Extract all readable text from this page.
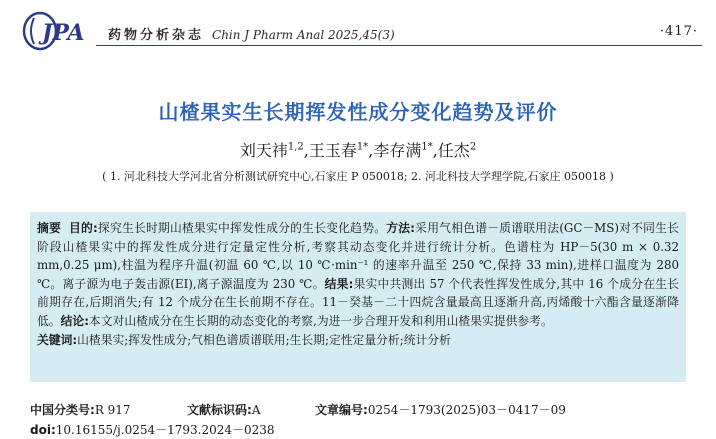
JPA 药物分析杂志 Chin J Pharm Anal 2025,45(3)	·417·
山楂果实生长期挥发性成分变化趋势及评价
刘天祎$^{1,2}$,王玉春$^{1*}$,李存满$^{1*}$,任杰$^2$
( 1. 河北科技大学河北省分析测试研究中心,石家庄 P 050018; 2. 河北科技大学理学院,石家庄 050018 )
摘要 目的:探究生长时期山楂果实中挥发性成分的生长变化趋势。方法:采用气相色谱－质谱联用法(GC－MS)对不同生长阶段山楂果实中的挥发性成分进行定量定性分析,考察其动态变化并进行统计分析。色谱柱为 HP－5(30 m × 0.32 mm,0.25 μm),柱温为程序升温(初温 60 ℃,以 10 ℃·min⁻¹ 的速率升温至 250 ℃,保持 33 min),进样口温度为 280 ℃。离子源为电子轰击源(EI),离子源温度为 230 ℃。结果:果实中共测出 57 个代表性挥发性成分,其中 16 个成分在生长前期存在,后期消失;有 12 个成分在生长前期不存在。11－癸基－二十四烷含量最高且逐渐升高,丙烯酸十六酯含量逐渐降低。结论:本文对山楂成分在生长期的动态变化的考察,为进一步合理开发和利用山楂果实提供参考。
关键词:山楂果实;挥发性成分;气相色谱质谱联用;生长期;定性定量分析;统计分析
中国分类号:R 917	文献标识码:A	文章编号:0254－1793(2025)03－0417－09
doi:10.16155/j.0254－1793.2024－0238
